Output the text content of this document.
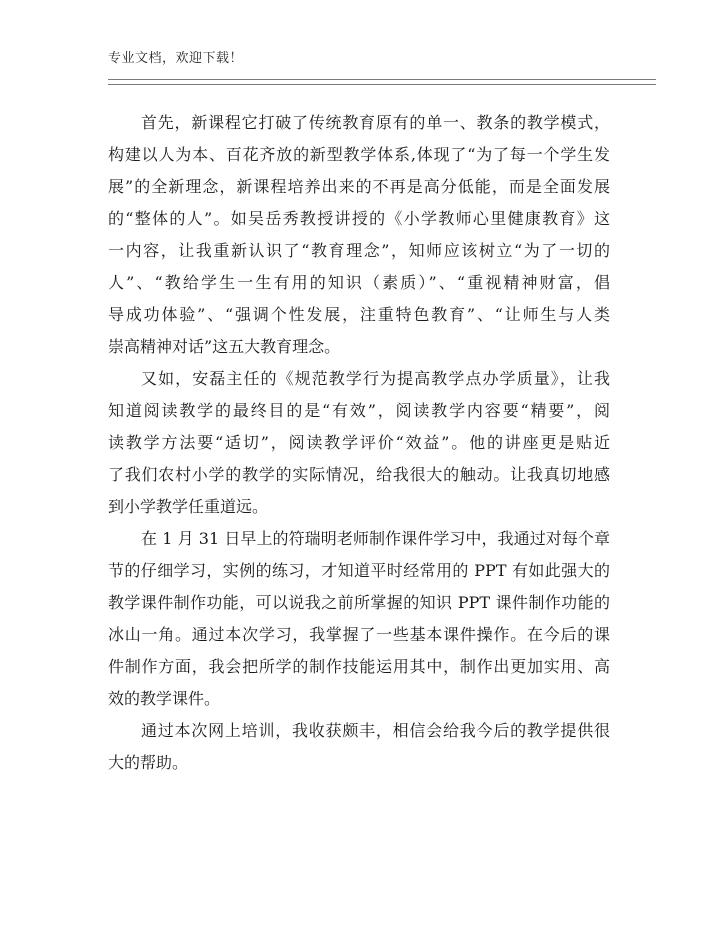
专业文档，欢迎下载！
首先，新课程它打破了传统教育原有的单一、教条的教学模式，
构建以人为本、百花齐放的新型教学体系,体现了“为了每一个学生发
展”的全新理念，新课程培养出来的不再是高分低能，而是全面发展
的“整体的人”。如吴岳秀教授讲授的《小学教师心里健康教育》这
一内容，让我重新认识了“教育理念”，知师应该树立“为了一切的
人”、“教给学生一生有用的知识（素质）”、“重视精神财富，倡
导成功体验”、“强调个性发展，注重特色教育”、“让师生与人类
崇高精神对话”这五大教育理念。
又如，安磊主任的《规范教学行为提高教学点办学质量》，让我
知道阅读教学的最终目的是“有效”，阅读教学内容要“精要”，阅
读教学方法要“适切”，阅读教学评价“效益”。他的讲座更是贴近
了我们农村小学的教学的实际情况，给我很大的触动。让我真切地感
到小学教学任重道远。
在 1 月 31 日早上的符瑞明老师制作课件学习中，我通过对每个章
节的仔细学习，实例的练习，才知道平时经常用的 PPT 有如此强大的
教学课件制作功能，可以说我之前所掌握的知识 PPT 课件制作功能的
冰山一角。通过本次学习，我掌握了一些基本课件操作。在今后的课
件制作方面，我会把所学的制作技能运用其中，制作出更加实用、高
效的教学课件。
通过本次网上培训，我收获颇丰，相信会给我今后的教学提供很
大的帮助。
